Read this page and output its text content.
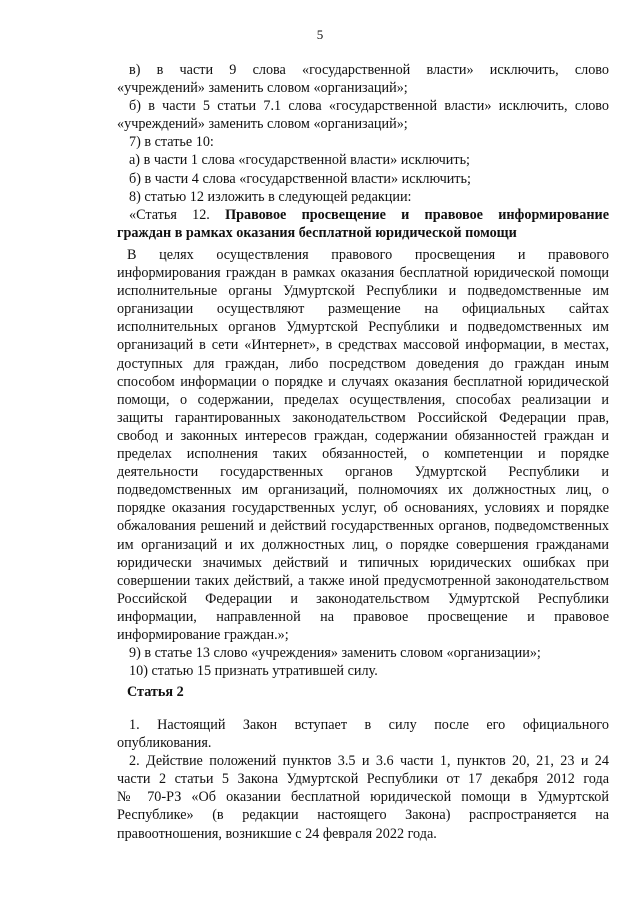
5

в) в части 9 слова «государственной власти» исключить, слово

«учреждений» заменить словом «организаций»;

б) в части 5 статьи 7.1 слова «государственной власти» исключить, слово

«учреждений» заменить словом «организаций»;

7) в статье 10:

а) в части 1 слова «государственной власти» исключить;

б) в части 4 слова «государственной власти» исключить;

8) статью 12 изложить в следующей редакции:

«Статья 12. Правовое просвещение и правовое информирование

граждан в рамках оказания бесплатной юридической помощи

В целях осуществления правового просвещения и правового

информирования граждан в рамках оказания бесплатной юридической помощи

исполнительные органы Удмуртской Республики и подведомственные им

организации осуществляют размещение на официальных сайтах

исполнительных органов Удмуртской Республики и подведомственных им

организаций в сети «Интернет», в средствах массовой информации, в местах,

доступных для граждан, либо посредством доведения до граждан иным

способом информации о порядке и случаях оказания бесплатной юридической

помощи, о содержании, пределах осуществления, способах реализации и

защиты гарантированных законодательством Российской Федерации прав,

свобод и законных интересов граждан, содержании обязанностей граждан и

пределах исполнения таких обязанностей, о компетенции и порядке

деятельности государственных органов Удмуртской Республики и

подведомственных им организаций, полномочиях их должностных лиц, о

порядке оказания государственных услуг, об основаниях, условиях и порядке

обжалования решений и действий государственных органов, подведомственных

им организаций и их должностных лиц, о порядке совершения гражданами

юридически значимых действий и типичных юридических ошибках при

совершении таких действий, а также иной предусмотренной законодательством

Российской Федерации и законодательством Удмуртской Республики

информации, направленной на правовое просвещение и правовое

информирование граждан.»;

9) в статье 13 слово «учреждения» заменить словом «организации»;

10) статью 15 признать утратившей силу.

Статья 2

1. Настоящий Закон вступает в силу после его официального

опубликования.

2. Действие положений пунктов 3.5 и 3.6 части 1, пунктов 20, 21, 23 и 24

части 2 статьи 5 Закона Удмуртской Республики от 17 декабря 2012 года

№ 70-РЗ «Об оказании бесплатной юридической помощи в Удмуртской

Республике» (в редакции настоящего Закона) распространяется на

правоотношения, возникшие с 24 февраля 2022 года.
